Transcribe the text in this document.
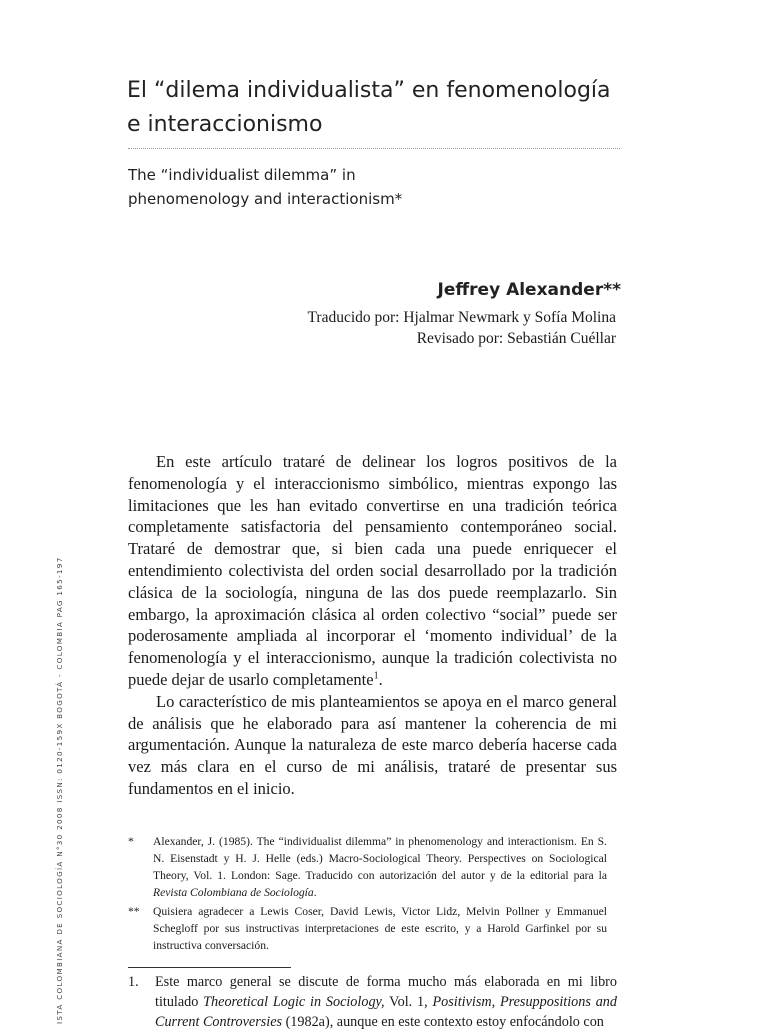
El “dilema individualista” en fenomenología
e interaccionismo
The “individualist dilemma” in
phenomenology and interactionism*
Jeffrey Alexander**
Traducido por: Hjalmar Newmark y Sofía Molina
Revisado por: Sebastián Cuéllar

En este artículo trataré de delinear los logros positivos de la fenomenología y el interaccionismo simbólico, mientras expongo las limitaciones que les han evitado convertirse en una tradición teórica completamente satisfactoria del pensamiento contemporáneo social. Trataré de demostrar que, si bien cada una puede enriquecer el entendimiento colectivista del orden social desarrollado por la tradición clásica de la sociología, ninguna de las dos puede reemplazarlo. Sin embargo, la aproximación clásica al orden colectivo “social” puede ser poderosamente ampliada al incorporar el ‘momento individual’ de la fenomenología y el interaccionismo, aunque la tradición colectivista no puede dejar de usarlo completamente$^1$.

Lo característico de mis planteamientos se apoya en el marco general de análisis que he elaborado para así mantener la coherencia de mi argumentación. Aunque la naturaleza de este marco debería hacerse cada vez más clara en el curso de mi análisis, trataré de presentar sus fundamentos en el inicio.

* Alexander, J. (1985). The “individualist dilemma” in phenomenology and interactionism. En S. N. Eisenstadt y H. J. Helle (eds.) Macro-Sociological Theory. Perspectives on Sociological Theory, Vol. 1. London: Sage. Traducido con autorización del autor y de la editorial para la Revista Colombiana de Sociología.
** Quisiera agradecer a Lewis Coser, David Lewis, Victor Lidz, Melvin Pollner y Emmanuel Schegloff por sus instructivas interpretaciones de este escrito, y a Harold Garfinkel por su instructiva conversación.
1.	Este marco general se discute de forma mucho más elaborada en mi libro titulado Theoretical Logic in Sociology, Vol. 1, Positivism, Presuppositions and Current Controversies (1982a), aunque en este contexto estoy enfocándolo con
ISTA COLOMBIANA DE SOCIOLOGÍA N°30 2008 ISSN: 0120-159X BOGOTÁ - COLOMBIA PAG 165-197
